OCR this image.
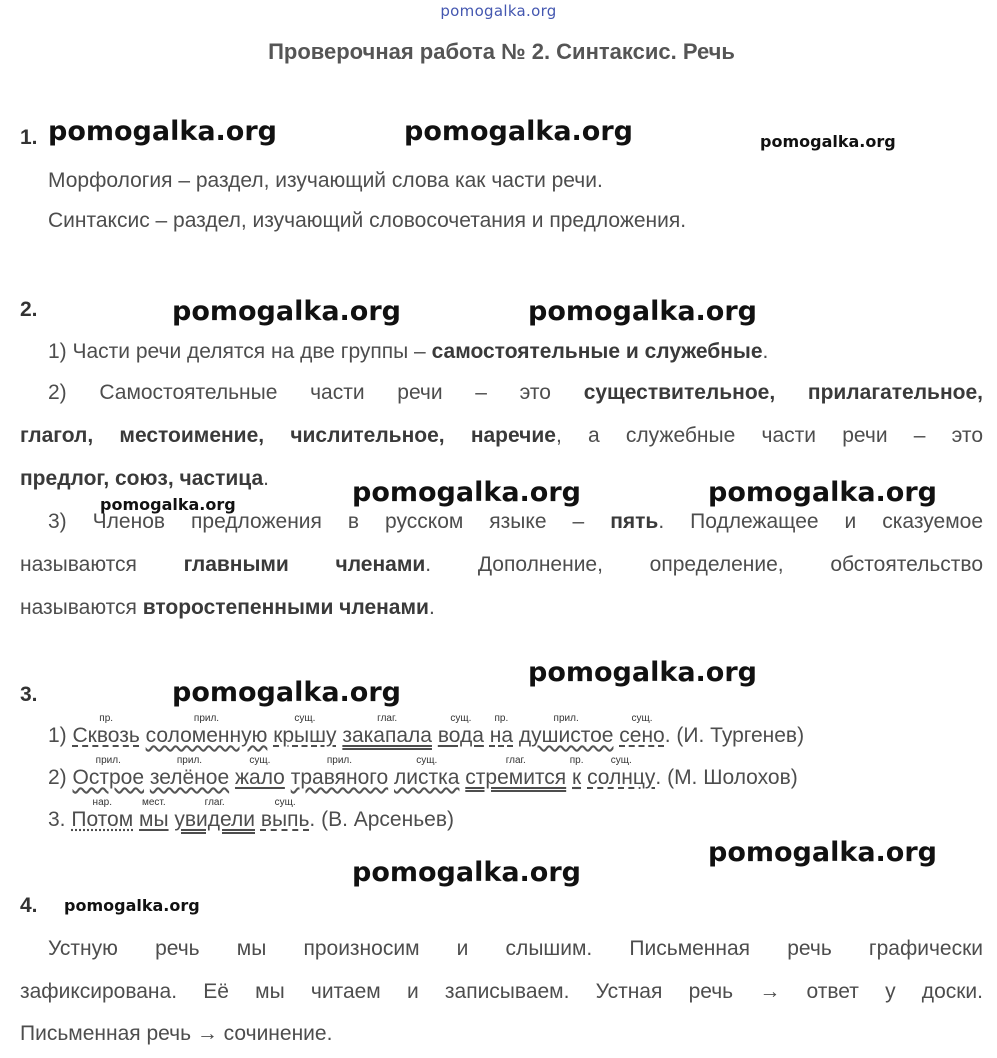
pomogalka.org
Проверочная работа № 2. Синтаксис. Речь
1. pomogalka.org	pomogalka.org	pomogalka.org
Морфология – раздел, изучающий слова как части речи.
Синтаксис – раздел, изучающий словосочетания и предложения.
2.	pomogalka.org	pomogalka.org
1) Части речи делятся на две группы – самостоятельные и служебные.
2) Самостоятельные части речи – это существительное, прилагательное,
глагол, местоимение, числительное, наречие, а служебные части речи – это
предлог, союз, частица.
pomogalka.org	pomogalka.org	pomogalka.org
3) Членов предложения в русском языке – пять. Подлежащее и сказуемое
называются главными членами. Дополнение, определение, обстоятельство
называются второстепенными членами.
pomogalka.org
3.	pomogalka.org
1)
пр.
Сквозь
прил.
соломенную
сущ.
крышу
глаг.
закапала
сущ.
вода
пр.
на
прил.
душистое
сущ.
сено. (И. Тургенев)
2)
прил.
Острое
прил.
зелёное
сущ.
жало
прил.
травяного
сущ.
листка
глаг.
стремится
пр.
к
сущ.
солнцу. (М. Шолохов)
3.
нар.
Потом
мест.
мы
глаг.
увидели
сущ.
выпь. (В. Арсеньев)
pomogalka.org
pomogalka.org
4. pomogalka.org
Устную речь мы произносим и слышим. Письменная речь графически
зафиксирована. Её мы читаем и записываем. Устная речь → ответ у доски.
Письменная речь → сочинение.
